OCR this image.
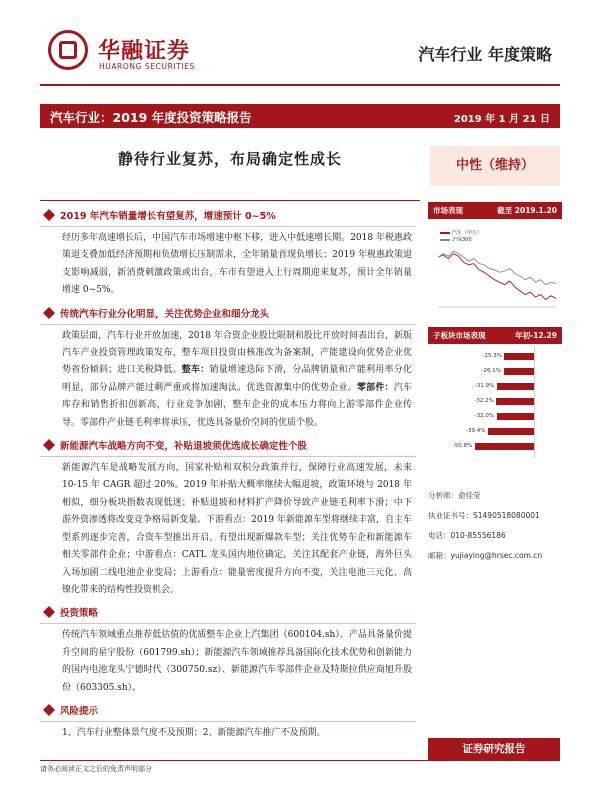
华融证券
HUARONG SECURITIES
汽车行业 年度策略
汽车行业：2019 年度投资策略报告	2019 年 1 月 21 日
静待行业复苏，布局确定性成长	中性（维持）
2019 年汽车销量增长有望复苏，增速预计 0~5%

经历多年高速增长后，中国汽车市场增速中枢下移，进入中低速增长期。2018 年税惠政策退支叠加低经济预期和负债增长压制需求，全年销量首现负增长；2019 年税惠政策退支影响减弱，新消费刺激政策或出台，车市有望进入上行周期迎来复苏，预计全年销量增速 0~5%。

传统汽车行业分化明显，关注优势企业和细分龙头

政策层面，汽车行业开放加速，2018 年合资企业股比限制和股比开放时间表出台，新版汽车产业投资管理政策发布，整车项目投资由核准改为备案制，产能建设向优势企业优势省份倾斜；进口关税降低。整车：销量增速迭际下滑，分品牌销量和产能利用率分化明显，部分品牌产能过剩严重或将加速淘汰。优选资源集中的优势企业。零部件：汽车库存和销售折扣创新高，行业竞争加剧，整车企业的成本压力将向上游零部件企业传导。零部件产业链毛利率将承压，优选具备量价空间的优质个股。

新能源汽车战略方向不变，补贴退坡须优选成长确定性个股

新能源汽车是战略发展方向，国家补贴和双积分政策并行，保障行业高速发展，未来 10-15 年 CAGR 超过 20%。2019 年补贴大概率继续大幅退坡，政策环境与 2018 年相似，细分板块指数表现低迷；补贴退坡和材料扩产降价导致产业链毛利率下滑；中下游外资渗透将改变竞争格局新变量。下游看点：2019 年新能源车型将继续丰富，自主车型系列逐步完善，合资车型推出开启，有望出现新爆款车型；关注优势车企和新能源车相关零部件企业；中游看点：CATL 龙头国内地位确定，关注其配套产业链，海外巨头入场加剧二线电池企业变局；上游看点：能量密度提升方向不变，关注电池三元化、高镍化带来的结构性投资机会。

投资策略

传统汽车领域重点推荐低估值的优质整车企业上汽集团（600104.sh）、产品具备量价提升空间的星宇股份（601799.sh）；新能源汽车领域推荐具备国际化技术优势和创新能力的国内电池龙头宁德时代（300750.sz）、新能源汽车零部件企业及特斯拉供应商旭升股份（603305.sh）。

风险提示

1、汽车行业整体景气度不及预期；2、新能源汽车推广不及预期。

市场表现	截至 2019.1.20
汽车（申万）
沪深300
子板块市场表现	年初-12.29
-25.3%
-26.1%
-31.9%
-32.2%
-32.0%
-39.4%
-50.8%
分析师：俞佳莹
执业证书号：S1490518080001
电话：010-85556186
邮箱：yujiaying@hrsec.com.cn
证券研究报告
请务必阅读正文之后的免责声明部分
